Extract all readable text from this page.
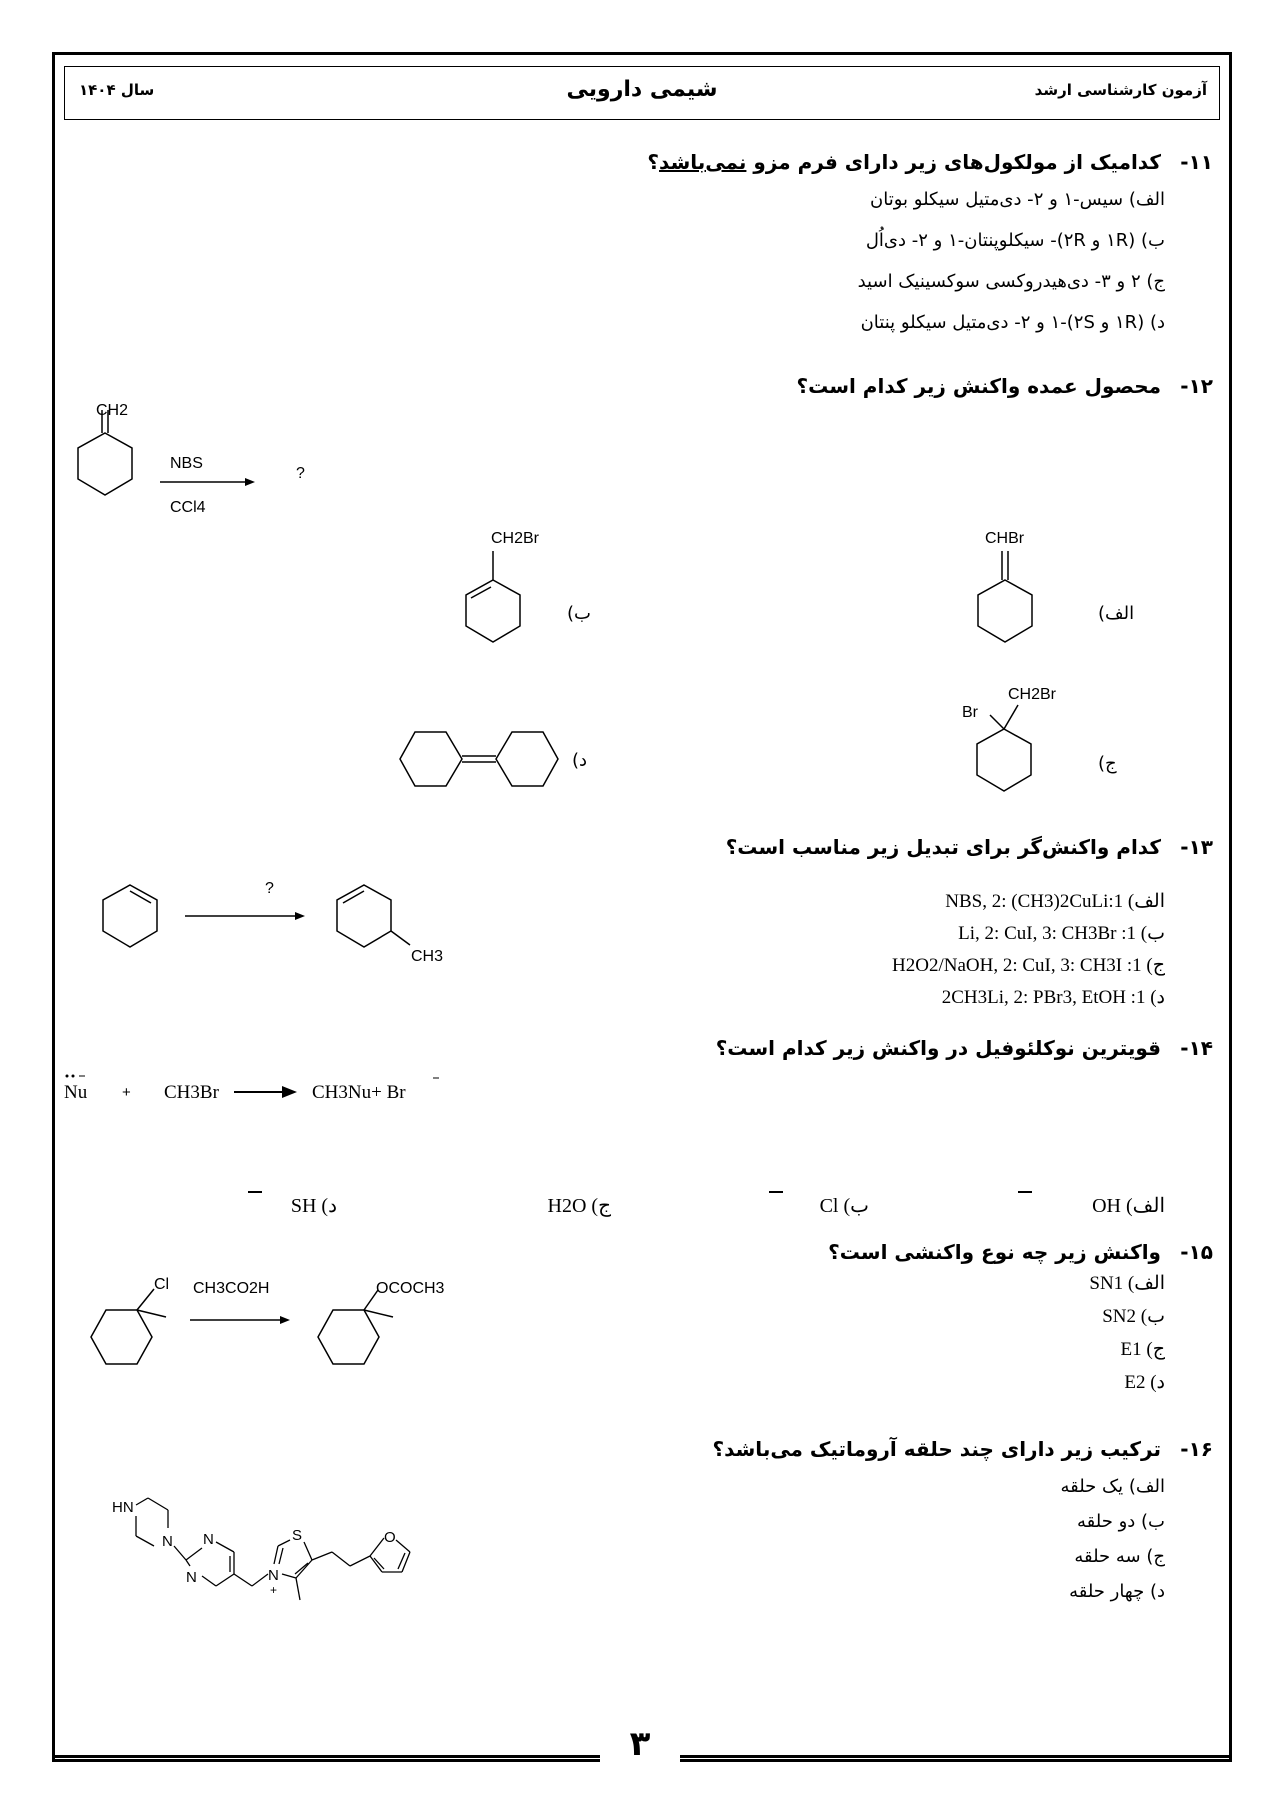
آزمون کارشناسی ارشد
شیمی دارویی
سال ۱۴۰۴
۱۱-کدامیک از مولکول‌های زیر دارای فرم مزو نمی‌باشد؟
الف) سیس-۱ و ۲- دی‌متیل سیکلو بوتان
ب) (۱R و ۲R)- سیکلوپنتان-۱ و ۲- دی‌اُل
ج) ۲ و ۳- دی‌هیدروکسی سوکسینیک اسید
د) (۱R و ۲S)-۱ و ۲- دی‌متیل سیکلو پنتان
۱۲-محصول عمده واکنش زیر کدام است؟
CH2
NBS
CCl4
?
CHBr
الف)
CH2Br
ب)
Br
CH2Br
ج)
د)
۱۳-کدام واکنش‌گر برای تبدیل زیر مناسب است؟
?
CH3
الف) 1:NBS, 2: (CH3)2CuLi
ب) 1: Li, 2: CuI, 3: CH3Br
ج) 1: H2O2/NaOH, 2: CuI, 3: CH3I
د) 1: 2CH3Li, 2: PBr3, EtOH
۱۴-قویترین نوکلئوفیل در واکنش زیر کدام است؟
Nu + CH3Br	CH3Nu+ Br
الف) OH
ب) Cl
ج) H2O
د) SH
۱۵-واکنش زیر چه نوع واکنشی است؟
Cl CH3CO2H	OCOCH3	الف) SN1
ب) SN2
ج) E1
د) E2
۱۶-ترکیب زیر دارای چند حلقه آروماتیک می‌باشد؟
HN
N N
N	N
+
S	O
الف) یک حلقه
ب) دو حلقه
ج) سه حلقه
د) چهار حلقه
۳
